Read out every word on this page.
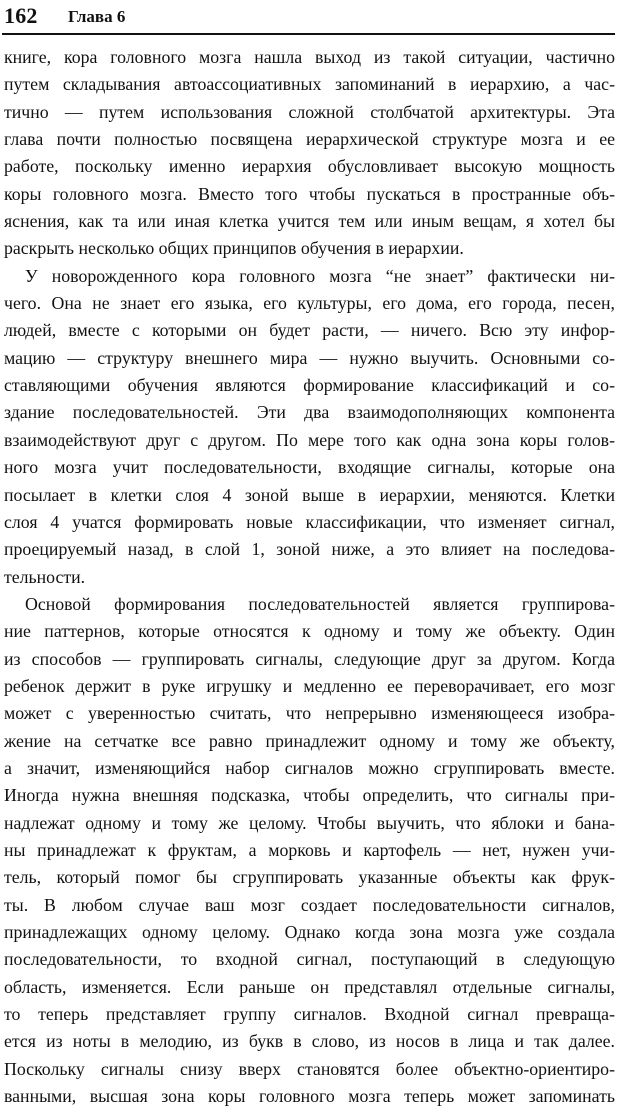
162 Глава 6
книге, кора головного мозга нашла выход из такой ситуации, частично
путем складывания автоассоциативных запоминаний в иерархию, а час-
тично — путем использования сложной столбчатой архитектуры. Эта
глава почти полностью посвящена иерархической структуре мозга и ее
работе, поскольку именно иерархия обусловливает высокую мощность
коры головного мозга. Вместо того чтобы пускаться в пространные объ-
яснения, как та или иная клетка учится тем или иным вещам, я хотел бы
раскрыть несколько общих принципов обучения в иерархии.
У новорожденного кора головного мозга “не знает” фактически ни-
чего. Она не знает его языка, его культуры, его дома, его города, песен,
людей, вместе с которыми он будет расти, — ничего. Всю эту инфор-
мацию — структуру внешнего мира — нужно выучить. Основными со-
ставляющими обучения являются формирование классификаций и со-
здание последовательностей. Эти два взаимодополняющих компонента
взаимодействуют друг с другом. По мере того как одна зона коры голов-
ного мозга учит последовательности, входящие сигналы, которые она
посылает в клетки слоя 4 зоной выше в иерархии, меняются. Клетки
слоя 4 учатся формировать новые классификации, что изменяет сигнал,
проецируемый назад, в слой 1, зоной ниже, а это влияет на последова-
тельности.
Основой формирования последовательностей является группирова-
ние паттернов, которые относятся к одному и тому же объекту. Один
из способов — группировать сигналы, следующие друг за другом. Когда
ребенок держит в руке игрушку и медленно ее переворачивает, его мозг
может с уверенностью считать, что непрерывно изменяющееся изобра-
жение на сетчатке все равно принадлежит одному и тому же объекту,
а значит, изменяющийся набор сигналов можно сгруппировать вместе.
Иногда нужна внешняя подсказка, чтобы определить, что сигналы при-
надлежат одному и тому же целому. Чтобы выучить, что яблоки и бана-
ны принадлежат к фруктам, а морковь и картофель — нет, нужен учи-
тель, который помог бы сгруппировать указанные объекты как фрук-
ты. В любом случае ваш мозг создает последовательности сигналов,
принадлежащих одному целому. Однако когда зона мозга уже создала
последовательности, то входной сигнал, поступающий в следующую
область, изменяется. Если раньше он представлял отдельные сигналы,
то теперь представляет группу сигналов. Входной сигнал превраща-
ется из ноты в мелодию, из букв в слово, из носов в лица и так далее.
Поскольку сигналы снизу вверх становятся более объектно-ориентиро-
ванными, высшая зона коры головного мозга теперь может запоминать
